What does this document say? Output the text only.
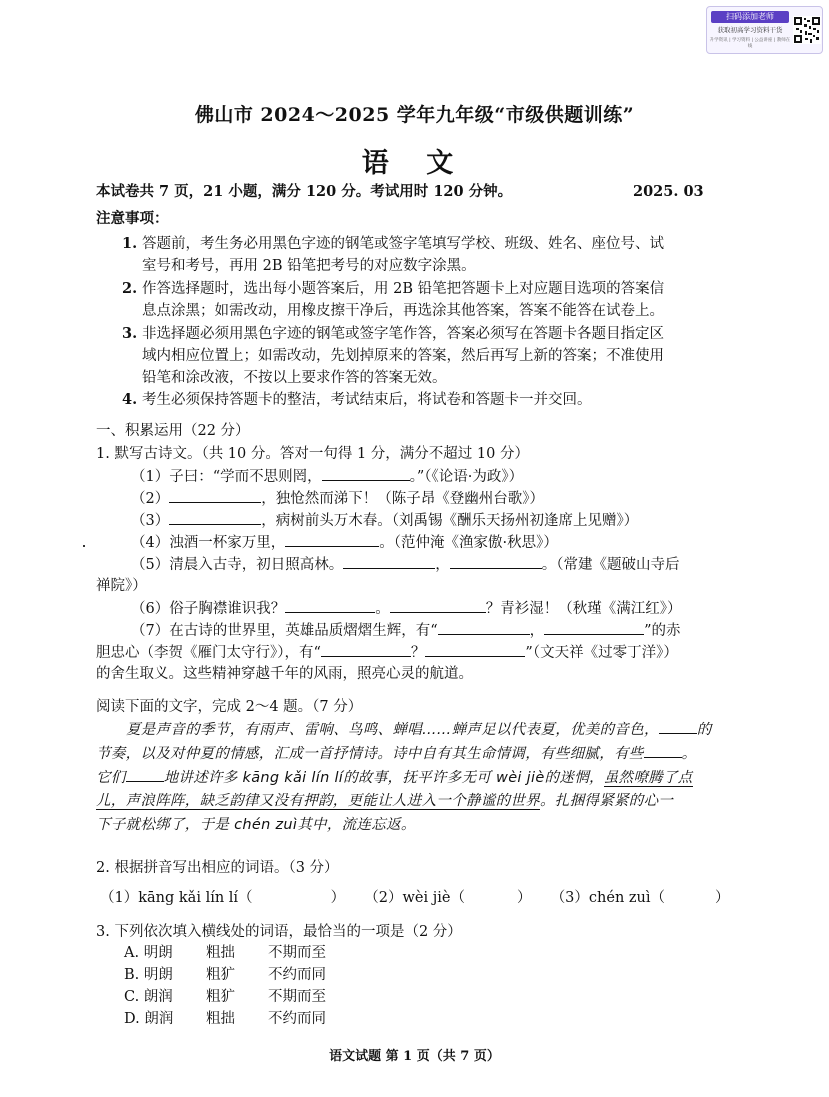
扫码添加老师
获取初高学习资料干货
升学资讯 | 学习资料 | 公益讲座 | 教师在线
佛山市 2024～2025 学年九年级“市级供题训练”
语 文
本试卷共 7 页，21 小题，满分 120 分。考试用时 120 分钟。	2025. 03
注意事项：
1. 答题前，考生务必用黑色字迹的钢笔或签字笔填写学校、班级、姓名、座位号、试
室号和考号，再用 2B 铅笔把考号的对应数字涂黑。
2. 作答选择题时，选出每小题答案后，用 2B 铅笔把答题卡上对应题目选项的答案信
息点涂黑；如需改动，用橡皮擦干净后，再选涂其他答案，答案不能答在试卷上。
3. 非选择题必须用黑色字迹的钢笔或签字笔作答，答案必须写在答题卡各题目指定区
域内相应位置上；如需改动，先划掉原来的答案，然后再写上新的答案；不准使用
铅笔和涂改液，不按以上要求作答的答案无效。
4. 考生必须保持答题卡的整洁，考试结束后，将试卷和答题卡一并交回。
一、积累运用（22 分）
1. 默写古诗文。（共 10 分。答对一句得 1 分，满分不超过 10 分）
（1）子曰：“学而不思则罔，	。”（《论语·为政》）
（2）	，独怆然而涕下！（陈子昂《登幽州台歌》）
（3）	，病树前头万木春。（刘禹锡《酬乐天扬州初逢席上见赠》）
（4）浊酒一杯家万里，	。（范仲淹《渔家傲·秋思》）
（5）清晨入古寺，初日照高林。	，	。（常建《题破山寺后
禅院》）
（6）俗子胸襟谁识我？	。	？青衫湿！（秋瑾《满江红》）
（7）在古诗的世界里，英雄品质熠熠生辉，有“	，	”的赤
胆忠心（李贺《雁门太守行》），有“	？	”（文天祥《过零丁洋》）
的舍生取义。这些精神穿越千年的风雨，照亮心灵的航道。
阅读下面的文字，完成 2～4 题。（7 分）
夏是声音的季节，有雨声、雷响、鸟鸣、蝉唱……蝉声足以代表夏，优美的音色，	的
节奏，以及对仲夏的情感，汇成一首抒情诗。诗中自有其生命情调，有些细腻，有些	。
它们	地讲述许多 kāng kǎi lín lí的故事，抚平许多无可 wèi jiè的迷惘，虽然嘹腾了点
儿，声浪阵阵，缺乏韵律又没有押韵，更能让人进入一个静谧的世界。扎捆得紧紧的心一
下子就松绑了，于是 chén zuì其中，流连忘返。
2. 根据拼音写出相应的词语。（3 分）
（1）kāng kǎi lín lí（	） （2）wèi jiè（	） （3）chén zuì（	）
3. 下列依次填入横线处的词语，最恰当的一项是（2 分）
A. 明朗 粗拙 不期而至
B. 明朗 粗犷 不约而同
C. 朗润 粗犷 不期而至
D. 朗润 粗拙 不约而同
语文试题 第 1 页（共 7 页）
